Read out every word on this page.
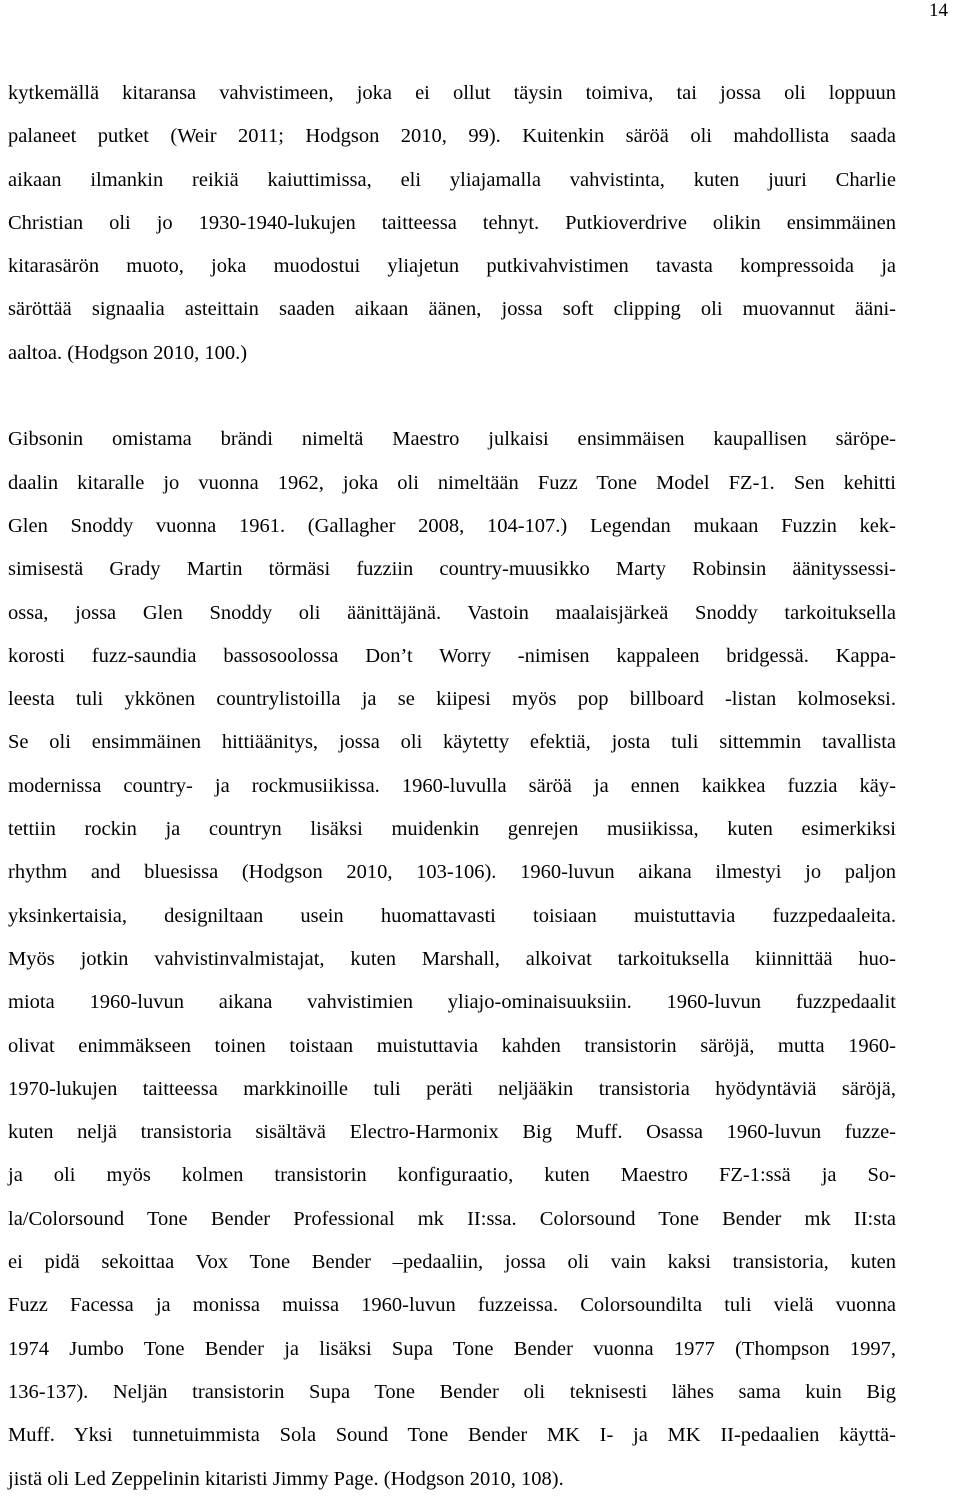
14
kytkemällä kitaransa vahvistimeen, joka ei ollut täysin toimiva, tai jossa oli loppuun
palaneet putket (Weir 2011; Hodgson 2010, 99). Kuitenkin säröä oli mahdollista saada
aikaan ilmankin reikiä kaiuttimissa, eli yliajamalla vahvistinta, kuten juuri Charlie
Christian oli jo 1930-1940-lukujen taitteessa tehnyt. Putkioverdrive olikin ensimmäinen
kitarasärön muoto, joka muodostui yliajetun putkivahvistimen tavasta kompressoida ja
säröttää signaalia asteittain saaden aikaan äänen, jossa soft clipping oli muovannut ääni-
aaltoa. (Hodgson 2010, 100.)
Gibsonin omistama brändi nimeltä Maestro julkaisi ensimmäisen kaupallisen säröpe-
daalin kitaralle jo vuonna 1962, joka oli nimeltään Fuzz Tone Model FZ-1. Sen kehitti
Glen Snoddy vuonna 1961. (Gallagher 2008, 104-107.) Legendan mukaan Fuzzin kek-
simisestä Grady Martin törmäsi fuzziin country-muusikko Marty Robinsin äänityssessi-
ossa, jossa Glen Snoddy oli äänittäjänä. Vastoin maalaisjärkeä Snoddy tarkoituksella
korosti fuzz-saundia bassosoolossa Don’t Worry -nimisen kappaleen bridgessä. Kappa-
leesta tuli ykkönen countrylistoilla ja se kiipesi myös pop billboard -listan kolmoseksi.
Se oli ensimmäinen hittiäänitys, jossa oli käytetty efektiä, josta tuli sittemmin tavallista
modernissa country- ja rockmusiikissa. 1960-luvulla säröä ja ennen kaikkea fuzzia käy-
tettiin rockin ja countryn lisäksi muidenkin genrejen musiikissa, kuten esimerkiksi
rhythm and bluesissa (Hodgson 2010, 103-106). 1960-luvun aikana ilmestyi jo paljon
yksinkertaisia, designiltaan usein huomattavasti toisiaan muistuttavia fuzzpedaaleita.
Myös jotkin vahvistinvalmistajat, kuten Marshall, alkoivat tarkoituksella kiinnittää huo-
miota 1960-luvun aikana vahvistimien yliajo-ominaisuuksiin. 1960-luvun fuzzpedaalit
olivat enimmäkseen toinen toistaan muistuttavia kahden transistorin säröjä, mutta 1960-
1970-lukujen taitteessa markkinoille tuli peräti neljääkin transistoria hyödyntäviä säröjä,
kuten neljä transistoria sisältävä Electro-Harmonix Big Muff. Osassa 1960-luvun fuzze-
ja oli myös kolmen transistorin konfiguraatio, kuten Maestro FZ-1:ssä ja So-
la/Colorsound Tone Bender Professional mk II:ssa. Colorsound Tone Bender mk II:sta
ei pidä sekoittaa Vox Tone Bender –pedaaliin, jossa oli vain kaksi transistoria, kuten
Fuzz Facessa ja monissa muissa 1960-luvun fuzzeissa. Colorsoundilta tuli vielä vuonna
1974 Jumbo Tone Bender ja lisäksi Supa Tone Bender vuonna 1977 (Thompson 1997,
136-137). Neljän transistorin Supa Tone Bender oli teknisesti lähes sama kuin Big
Muff. Yksi tunnetuimmista Sola Sound Tone Bender MK I- ja MK II-pedaalien käyttä-
jistä oli Led Zeppelinin kitaristi Jimmy Page. (Hodgson 2010, 108).
